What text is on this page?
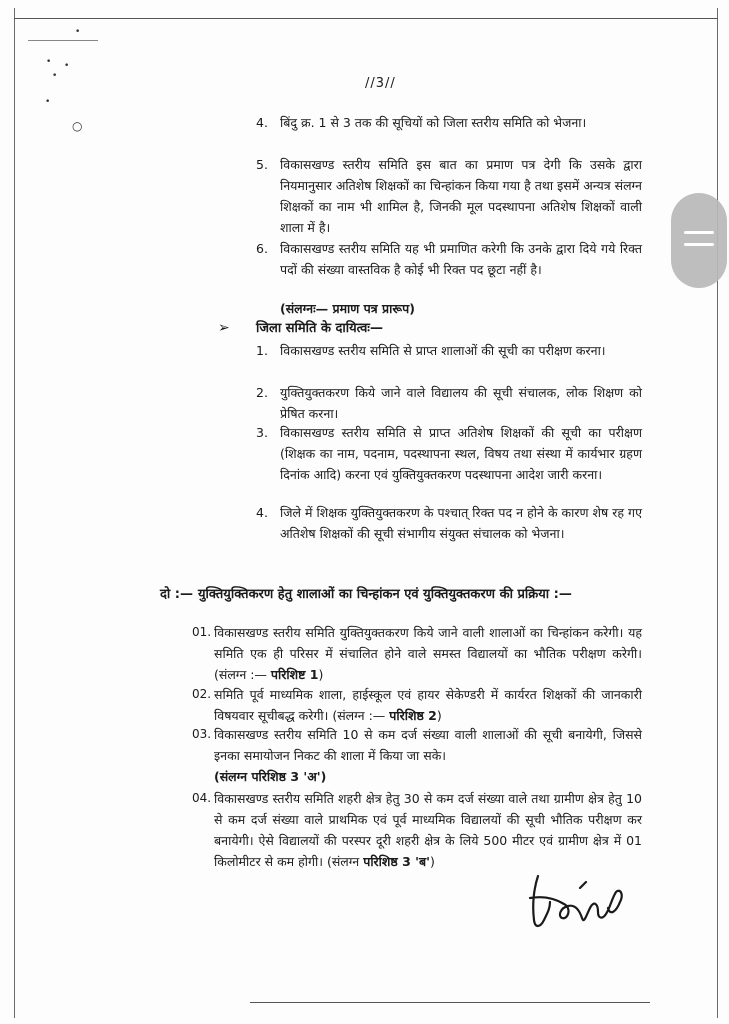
•
• •
•
•
○
//3//
4. बिंदु क्र. 1 से 3 तक की सूचियों को जिला स्तरीय समिति को भेजना।
5. विकासखण्ड स्तरीय समिति इस बात का प्रमाण पत्र देगी कि उसके द्वारा नियमानुसार अतिशेष शिक्षकों का चिन्हांकन किया गया है तथा इसमें अन्यत्र संलग्न शिक्षकों का नाम भी शामिल है, जिनकी मूल पदस्थापना अतिशेष शिक्षकों वाली शाला में है।
6. विकासखण्ड स्तरीय समिति यह भी प्रमाणित करेगी कि उनके द्वारा दिये गये रिक्त पदों की संख्या वास्तविक है कोई भी रिक्त पद छूटा नहीं है।
(संलग्नः— प्रमाण पत्र प्रारूप)
➢ जिला समिति के दायित्वः—
1. विकासखण्ड स्तरीय समिति से प्राप्त शालाओं की सूची का परीक्षण करना।
2. युक्तियुक्तकरण किये जाने वाले विद्यालय की सूची संचालक, लोक शिक्षण को प्रेषित करना।
3. विकासखण्ड स्तरीय समिति से प्राप्त अतिशेष शिक्षकों की सूची का परीक्षण (शिक्षक का नाम, पदनाम, पदस्थापना स्थल, विषय तथा संस्था में कार्यभार ग्रहण दिनांक आदि) करना एवं युक्तियुक्तकरण पदस्थापना आदेश जारी करना।
4. जिले में शिक्षक युक्तियुक्तकरण के पश्चात् रिक्त पद न होने के कारण शेष रह गए अतिशेष शिक्षकों की सूची संभागीय संयुक्त संचालक को भेजना।
दो :— युक्तियुक्तिकरण हेतु शालाओं का चिन्हांकन एवं युक्तियुक्तकरण की प्रक्रिया :—
01. विकासखण्ड स्तरीय समिति युक्तियुक्तकरण किये जाने वाली शालाओं का चिन्हांकन करेगी। यह समिति एक ही परिसर में संचालित होने वाले समस्त विद्यालयों का भौतिक परीक्षण करेगी। (संलग्न :— परिशिष्ट 1)
02. समिति पूर्व माध्यमिक शाला, हाईस्कूल एवं हायर सेकेण्डरी में कार्यरत शिक्षकों की जानकारी विषयवार सूचीबद्ध करेगी। (संलग्न :— परिशिष्ठ 2)
03. विकासखण्ड स्तरीय समिति 10 से कम दर्ज संख्या वाली शालाओं की सूची बनायेगी, जिससे इनका समायोजन निकट की शाला में किया जा सके।
(संलग्न परिशिष्ठ 3 'अ')
04. विकासखण्ड स्तरीय समिति शहरी क्षेत्र हेतु 30 से कम दर्ज संख्या वाले तथा ग्रामीण क्षेत्र हेतु 10 से कम दर्ज संख्या वाले प्राथमिक एवं पूर्व माध्यमिक विद्यालयों की सूची भौतिक परीक्षण कर बनायेगी। ऐसे विद्यालयों की परस्पर दूरी शहरी क्षेत्र के लिये 500 मीटर एवं ग्रामीण क्षेत्र में 01 किलोमीटर से कम होगी। (संलग्न परिशिष्ठ 3 'ब')
